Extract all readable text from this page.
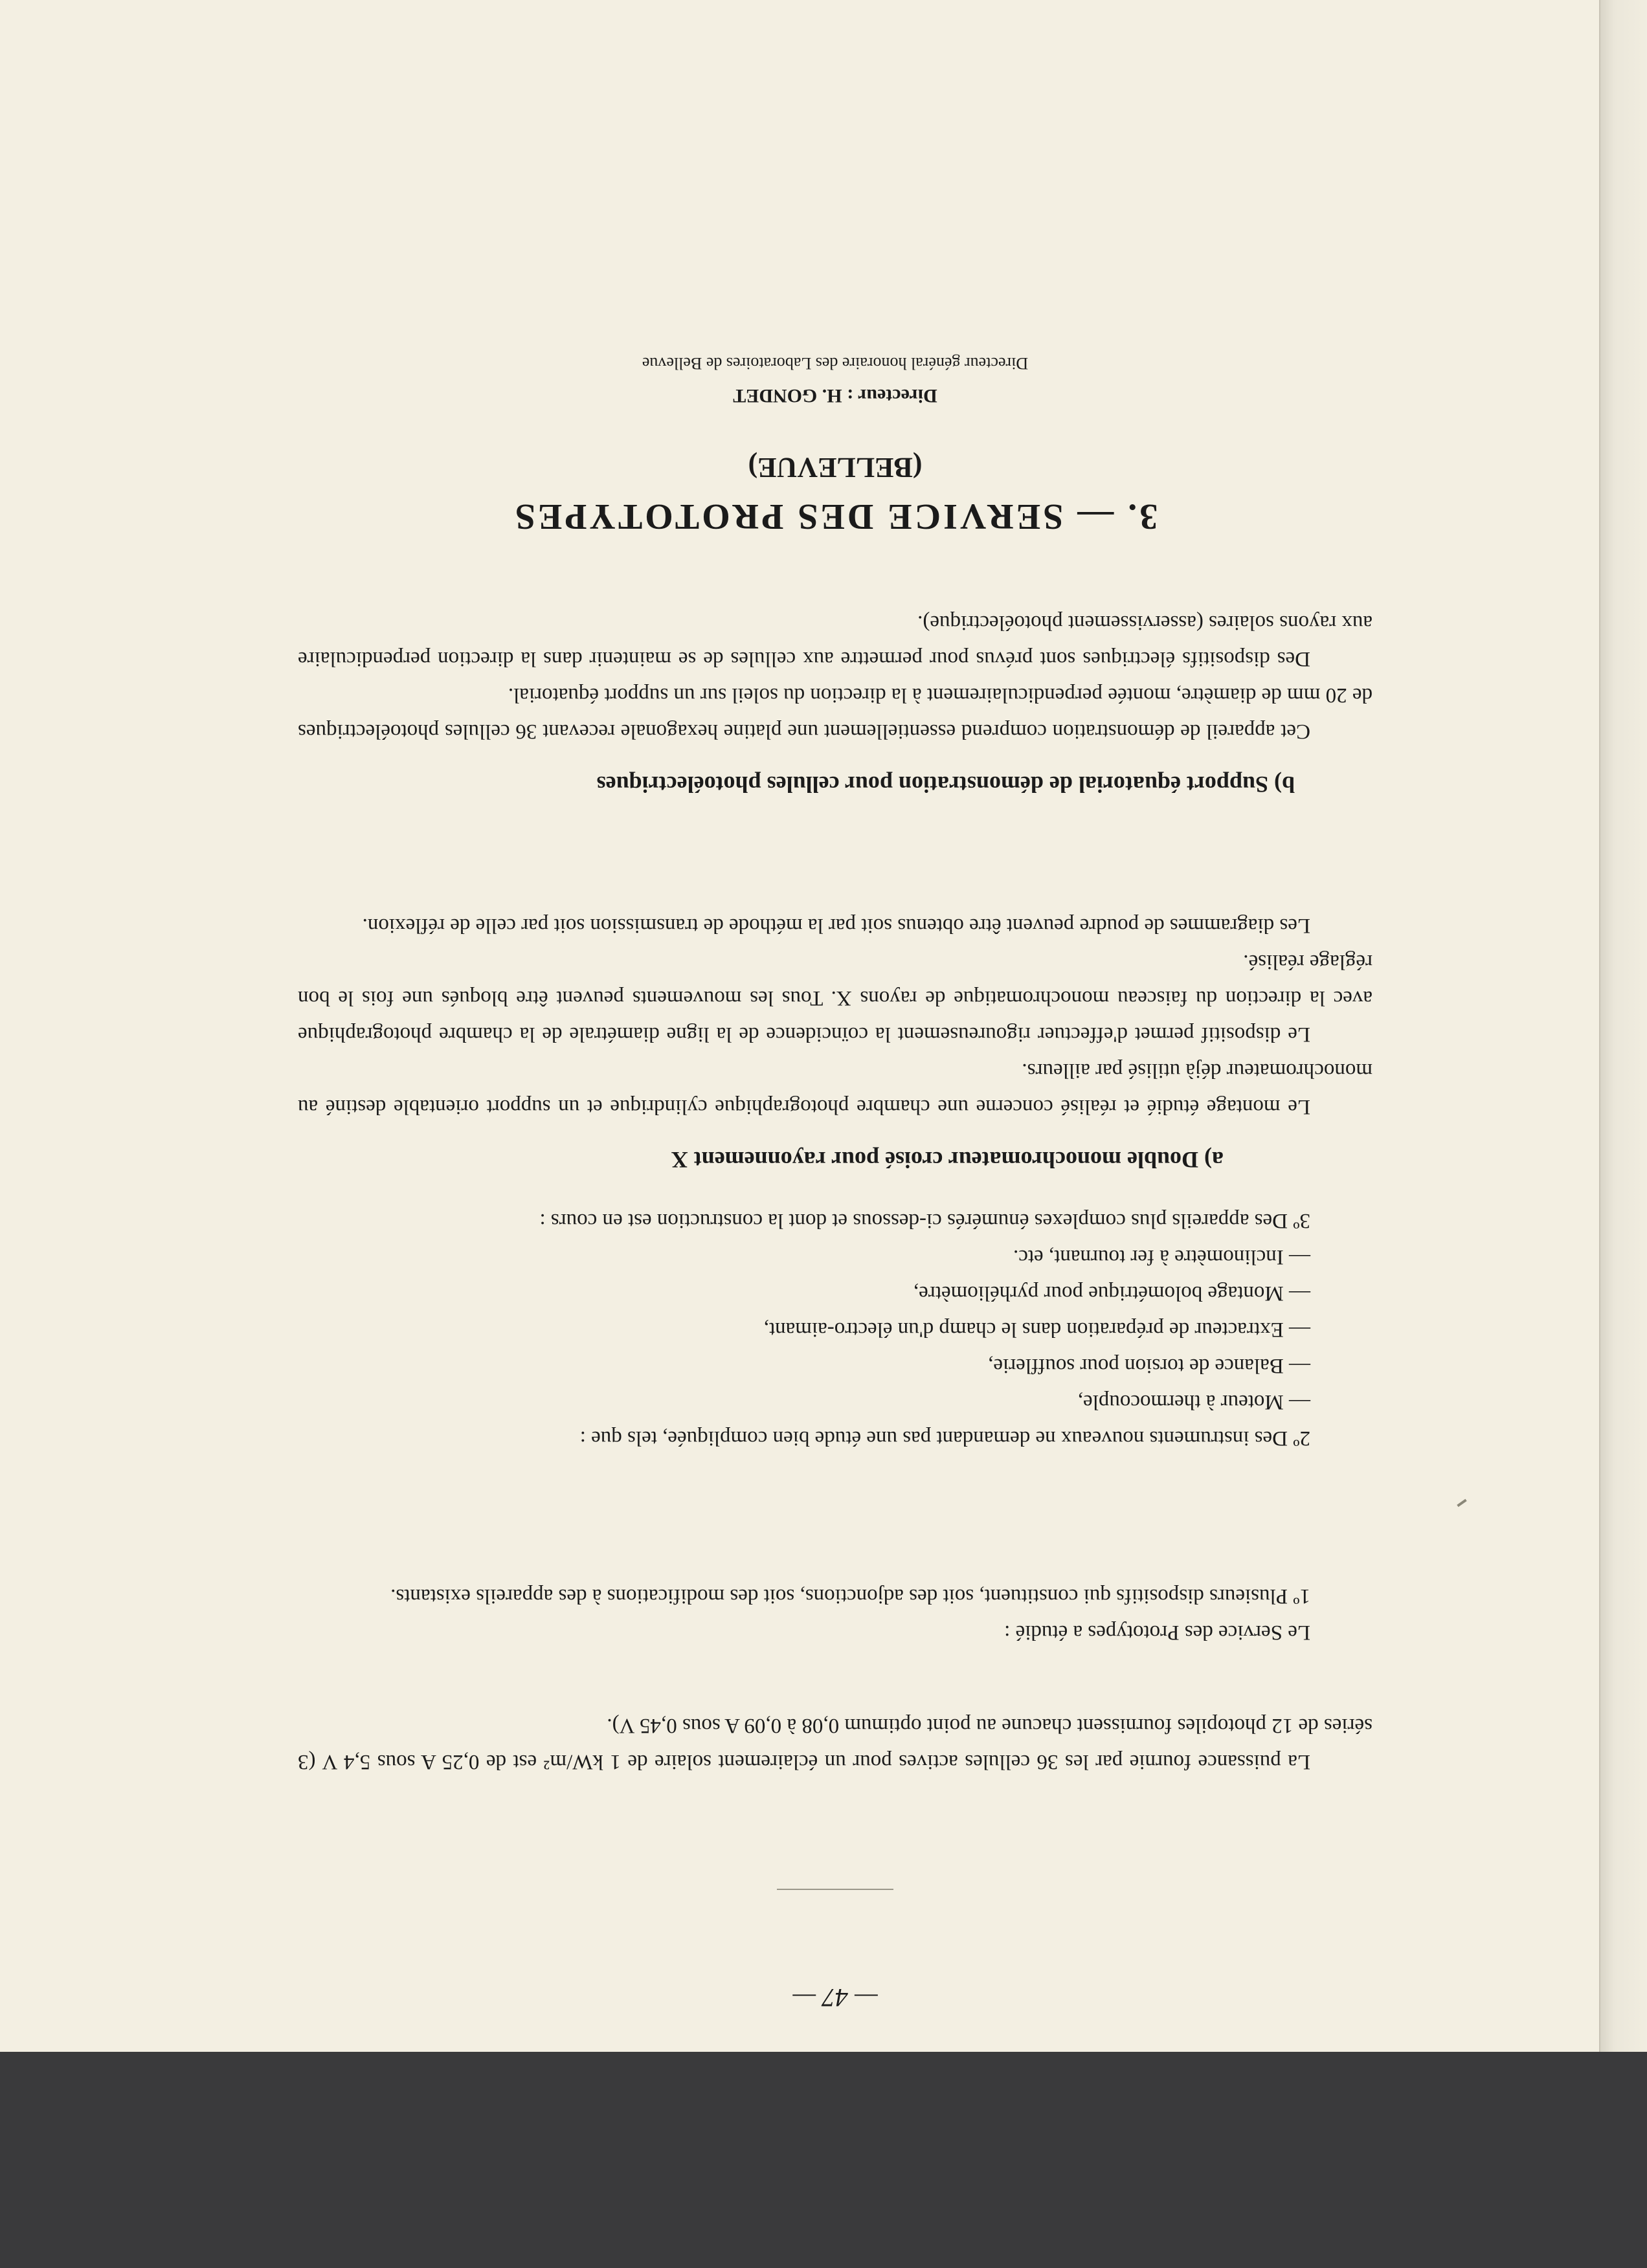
— 47 —

La puissance fournie par les 36 cellules actives pour un éclairement solaire de 1 kW/m² est de 0,25 A sous 5,4 V (3 séries de 12 photopiles fournissent chacune au point optimum 0,08 à 0,09 A sous 0,45 V).

3. — SERVICE DES PROTOTYPES
(BELLEVUE)
Directeur : H. GONDET
Directeur général honoraire des Laboratoires de Bellevue

Le Service des Prototypes a étudié :

1º Plusieurs dispositifs qui constituent, soit des adjonctions, soit des modifications à des appareils existants.

2º Des instruments nouveaux ne demandant pas une étude bien compliquée, tels que :

— Moteur à thermocouple,
— Balance de torsion pour soufflerie,
— Extracteur de préparation dans le champ d'un électro-aimant,
— Montage bolométrique pour pyrhéliomètre,
— Inclinomètre à fer tournant, etc.

3º Des appareils plus complexes énumérés ci-dessous et dont la construction est en cours :

a) Double monochromateur croisé pour rayonnement X

Le montage étudié et réalisé concerne une chambre photographique cylindrique et un support orientable destiné au monochromateur déjà utilisé par ailleurs.

Le dispositif permet d'effectuer rigoureusement la coïncidence de la ligne diamétrale de la chambre photographique avec la direction du faisceau monochromatique de rayons X. Tous les mouvements peuvent être bloqués une fois le bon réglage réalisé.

Les diagrammes de poudre peuvent être obtenus soit par la méthode de transmission soit par celle de réflexion.

b) Support équatorial de démonstration pour cellules photoélectriques

Cet appareil de démonstration comprend essentiellement une platine hexagonale recevant 36 cellules photoélectriques de 20 mm de diamètre, montée perpendiculairement à la direction du soleil sur un support équatorial.

Des dispositifs électriques sont prévus pour permettre aux cellules de se maintenir dans la direction perpendiculaire aux rayons solaires (asservissement photoélectrique).
